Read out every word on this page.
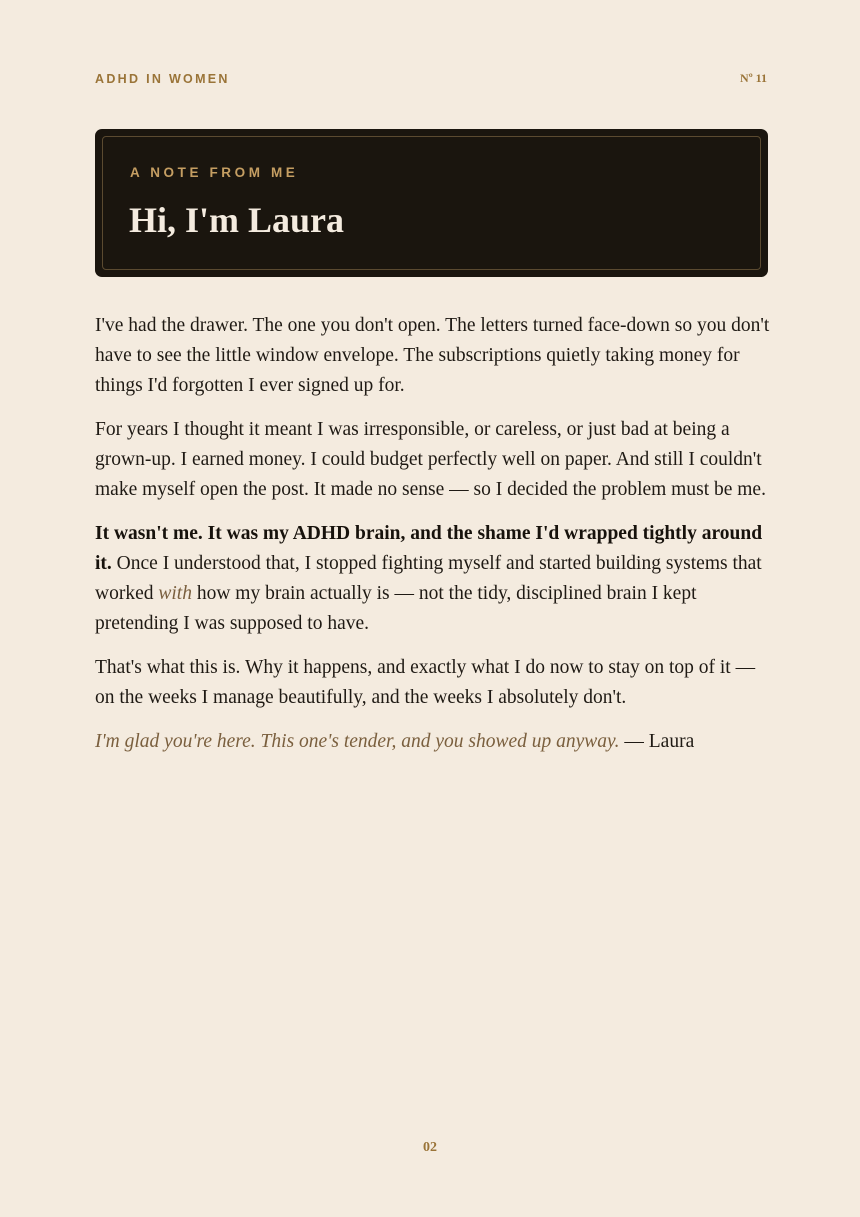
ADHD IN WOMEN	Nº 11
A NOTE FROM ME
Hi, I'm Laura

I've had the drawer. The one you don't open. The letters turned face-down so you don't have to see the little window envelope. The subscriptions quietly taking money for things I'd forgotten I ever signed up for.

For years I thought it meant I was irresponsible, or careless, or just bad at being a grown-up. I earned money. I could budget perfectly well on paper. And still I couldn't make myself open the post. It made no sense — so I decided the problem must be me.

It wasn't me. It was my ADHD brain, and the shame I'd wrapped tightly around it. Once I understood that, I stopped fighting myself and started building systems that worked with how my brain actually is — not the tidy, disciplined brain I kept pretending I was supposed to have.

That's what this is. Why it happens, and exactly what I do now to stay on top of it — on the weeks I manage beautifully, and the weeks I absolutely don't.

I'm glad you're here. This one's tender, and you showed up anyway. — Laura

02
